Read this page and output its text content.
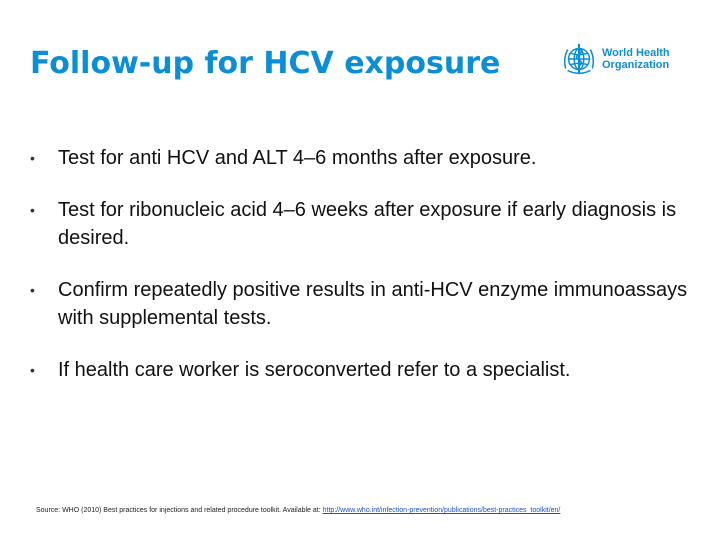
Follow-up for HCV exposure	World Health
Organization
• Test for anti HCV and ALT 4–6 months after exposure.
• Test for ribonucleic acid 4–6 weeks after exposure if early diagnosis is desired.
• Confirm repeatedly positive results in anti-HCV enzyme immunoassays with supplemental tests.
• If health care worker is seroconverted refer to a specialist.
Source: WHO (2010) Best practices for injections and related procedure toolkit. Available at: http://www.who.int/infection-prevention/publications/best-practices_toolkit/en/
